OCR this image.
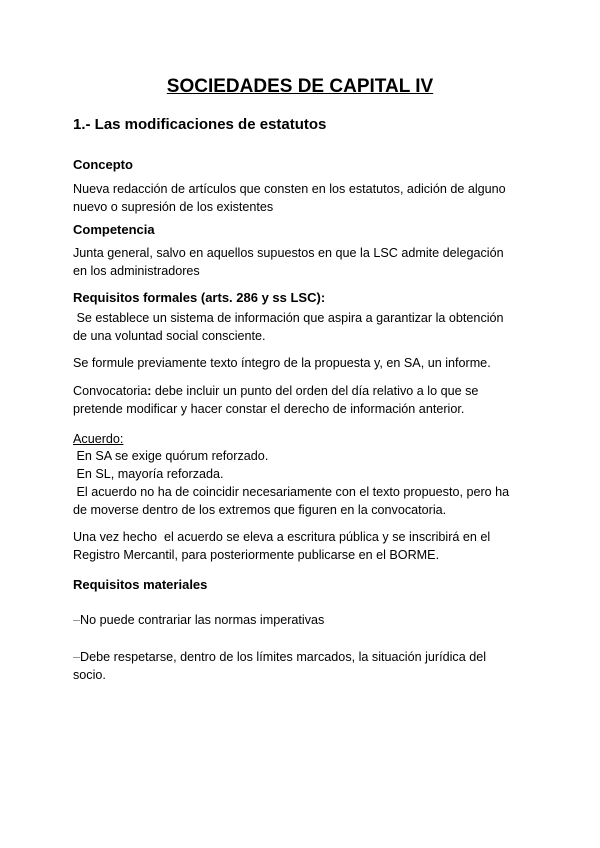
SOCIEDADES DE CAPITAL IV
1.- Las modificaciones de estatutos
Concepto

Nueva redacción de artículos que consten en los estatutos, adición de alguno

nuevo o supresión de los existentes

Competencia

Junta general, salvo en aquellos supuestos en que la LSC admite delegación

en los administradores

Requisitos formales (arts. 286 y ss LSC):

Se establece un sistema de información que aspira a garantizar la obtención

de una voluntad social consciente.

Se formule previamente texto íntegro de la propuesta y, en SA, un informe.

Convocatoria: debe incluir un punto del orden del día relativo a lo que se

pretende modificar y hacer constar el derecho de información anterior.

Acuerdo:

En SA se exige quórum reforzado.

En SL, mayoría reforzada.

El acuerdo no ha de coincidir necesariamente con el texto propuesto, pero ha

de moverse dentro de los extremos que figuren en la convocatoria.

Una vez hecho  el acuerdo se eleva a escritura pública y se inscribirá en el

Registro Mercantil, para posteriormente publicarse en el BORME.

Requisitos materiales

–No puede contrariar las normas imperativas

–Debe respetarse, dentro de los límites marcados, la situación jurídica del

socio.
